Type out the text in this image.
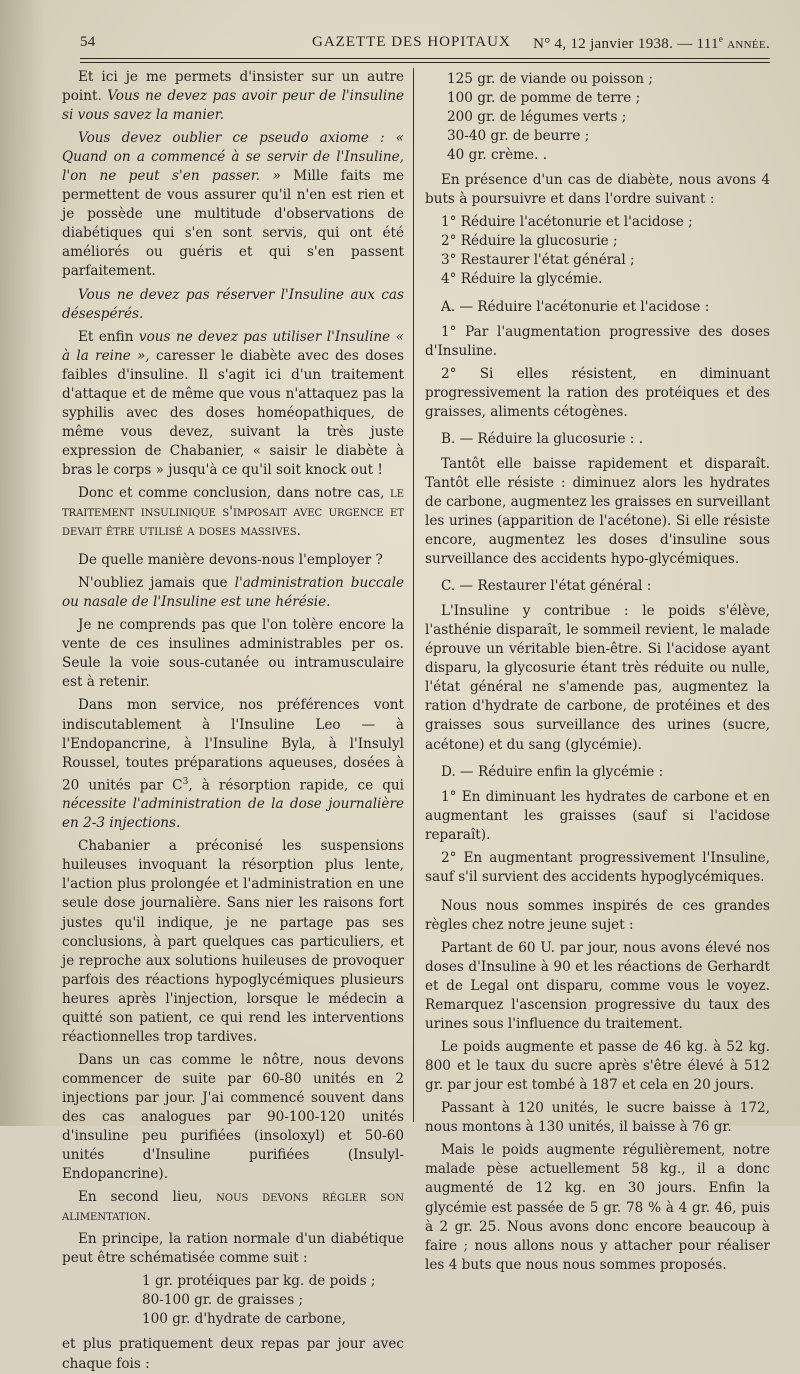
54	GAZETTE DES HOPITAUX N° 4, 12 janvier 1938. — 111e année.

Et ici je me permets d'insister sur un autre point. Vous ne devez pas avoir peur de l'insuline si vous savez la manier.

Vous devez oublier ce pseudo axiome : « Quand on a commencé à se servir de l'Insuline, l'on ne peut s'en passer. » Mille faits me permettent de vous assurer qu'il n'en est rien et je possède une multitude d'observations de diabétiques qui s'en sont servis, qui ont été améliorés ou guéris et qui s'en passent parfaitement.

Vous ne devez pas réserver l'Insuline aux cas désespérés.

Et enfin vous ne devez pas utiliser l'Insuline « à la reine », caresser le diabète avec des doses faibles d'insuline. Il s'agit ici d'un traitement d'attaque et de même que vous n'attaquez pas la syphilis avec des doses homéopathiques, de même vous devez, suivant la très juste expression de Chabanier, « saisir le diabète à bras le corps » jusqu'à ce qu'il soit knock out !

Donc et comme conclusion, dans notre cas, le traitement insulinique s'imposait avec urgence et devait être utilisé a doses massives.

De quelle manière devons-nous l'employer ?

N'oubliez jamais que l'administration buccale ou nasale de l'Insuline est une hérésie.

Je ne comprends pas que l'on tolère encore la vente de ces insulines administrables per os. Seule la voie sous-cutanée ou intramusculaire est à retenir.

Dans mon service, nos préférences vont indiscutablement à l'Insuline Leo — à l'Endopancrine, à l'Insuline Byla, à l'Insulyl Roussel, toutes préparations aqueuses, dosées à 20 unités par $C^3$, à résorption rapide, ce qui nécessite l'administration de la dose journalière en 2-3 injections.

Chabanier a préconisé les suspensions huileuses invoquant la résorption plus lente, l'action plus prolongée et l'administration en une seule dose journalière. Sans nier les raisons fort justes qu'il indique, je ne partage pas ses conclusions, à part quelques cas particuliers, et je reproche aux solutions huileuses de provoquer parfois des réactions hypoglycémiques plusieurs heures après l'injection, lorsque le médecin a quitté son patient, ce qui rend les interventions réactionnelles trop tardives.

Dans un cas comme le nôtre, nous devons commencer de suite par 60-80 unités en 2 injections par jour. J'ai commencé souvent dans des cas analogues par 90-100-120 unités d'insuline peu purifiées (insoloxyl) et 50-60 unités d'Insuline purifiées (Insulyl-Endopancrine).

En second lieu, nous devons régler son alimentation.

En principe, la ration normale d'un diabétique peut être schématisée comme suit :

1 gr. protéiques par kg. de poids ;
80-100 gr. de graisses ;
100 gr. d'hydrate de carbone,

et plus pratiquement deux repas par jour avec chaque fois :

125 gr. de viande ou poisson ;
100 gr. de pomme de terre ;
200 gr. de légumes verts ;
30-40 gr. de beurre ;
40 gr. crème. .

En présence d'un cas de diabète, nous avons 4 buts à poursuivre et dans l'ordre suivant :

1° Réduire l'acétonurie et l'acidose ;
2° Réduire la glucosurie ;
3° Restaurer l'état général ;
4° Réduire la glycémie.

A. — Réduire l'acétonurie et l'acidose :

1° Par l'augmentation progressive des doses d'Insuline.

2° Si elles résistent, en diminuant progressivement la ration des protéiques et des graisses, aliments cétogènes.

B. — Réduire la glucosurie : .

Tantôt elle baisse rapidement et disparaît. Tantôt elle résiste : diminuez alors les hydrates de carbone, augmentez les graisses en surveillant les urines (apparition de l'acétone). Si elle résiste encore, augmentez les doses d'insuline sous surveillance des accidents hypo-glycémiques.

C. — Restaurer l'état général :

L'Insuline y contribue : le poids s'élève, l'asthénie disparaît, le sommeil revient, le malade éprouve un véritable bien-être. Si l'acidose ayant disparu, la glycosurie étant très réduite ou nulle, l'état général ne s'amende pas, augmentez la ration d'hydrate de carbone, de protéines et des graisses sous surveillance des urines (sucre, acétone) et du sang (glycémie).

D. — Réduire enfin la glycémie :

1° En diminuant les hydrates de carbone et en augmentant les graisses (sauf si l'acidose reparaît).

2° En augmentant progressivement l'Insuline, sauf s'il survient des accidents hypoglycémiques.

Nous nous sommes inspirés de ces grandes règles chez notre jeune sujet :

Partant de 60 U. par jour, nous avons élevé nos doses d'Insuline à 90 et les réactions de Gerhardt et de Legal ont disparu, comme vous le voyez. Remarquez l'ascension progressive du taux des urines sous l'influence du traitement.

Le poids augmente et passe de 46 kg. à 52 kg. 800 et le taux du sucre après s'être élevé à 512 gr. par jour est tombé à 187 et cela en 20 jours.

Passant à 120 unités, le sucre baisse à 172, nous montons à 130 unités, il baisse à 76 gr.

Mais le poids augmente régulièrement, notre malade pèse actuellement 58 kg., il a donc augmenté de 12 kg. en 30 jours. Enfin la glycémie est passée de 5 gr. 78 % à 4 gr. 46, puis à 2 gr. 25. Nous avons donc encore beaucoup à faire ; nous allons nous y attacher pour réaliser les 4 buts que nous nous sommes proposés.
